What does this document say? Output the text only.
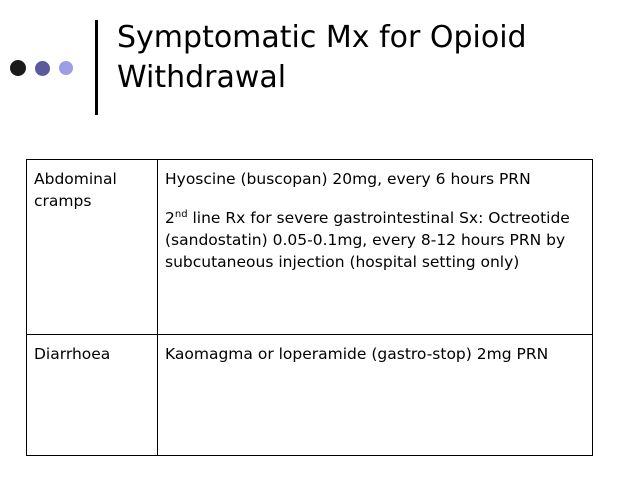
Symptomatic Mx for Opioid
Withdrawal
Abdominal cramps	Hyoscine (buscopan) 20mg, every 6 hours PRN

2nd line Rx for severe gastrointestinal Sx: Octreotide (sandostatin) 0.05-0.1mg, every 8-12 hours PRN by subcutaneous injection (hospital setting only)

Diarrhoea	Kaomagma or loperamide (gastro-stop) 2mg PRN
